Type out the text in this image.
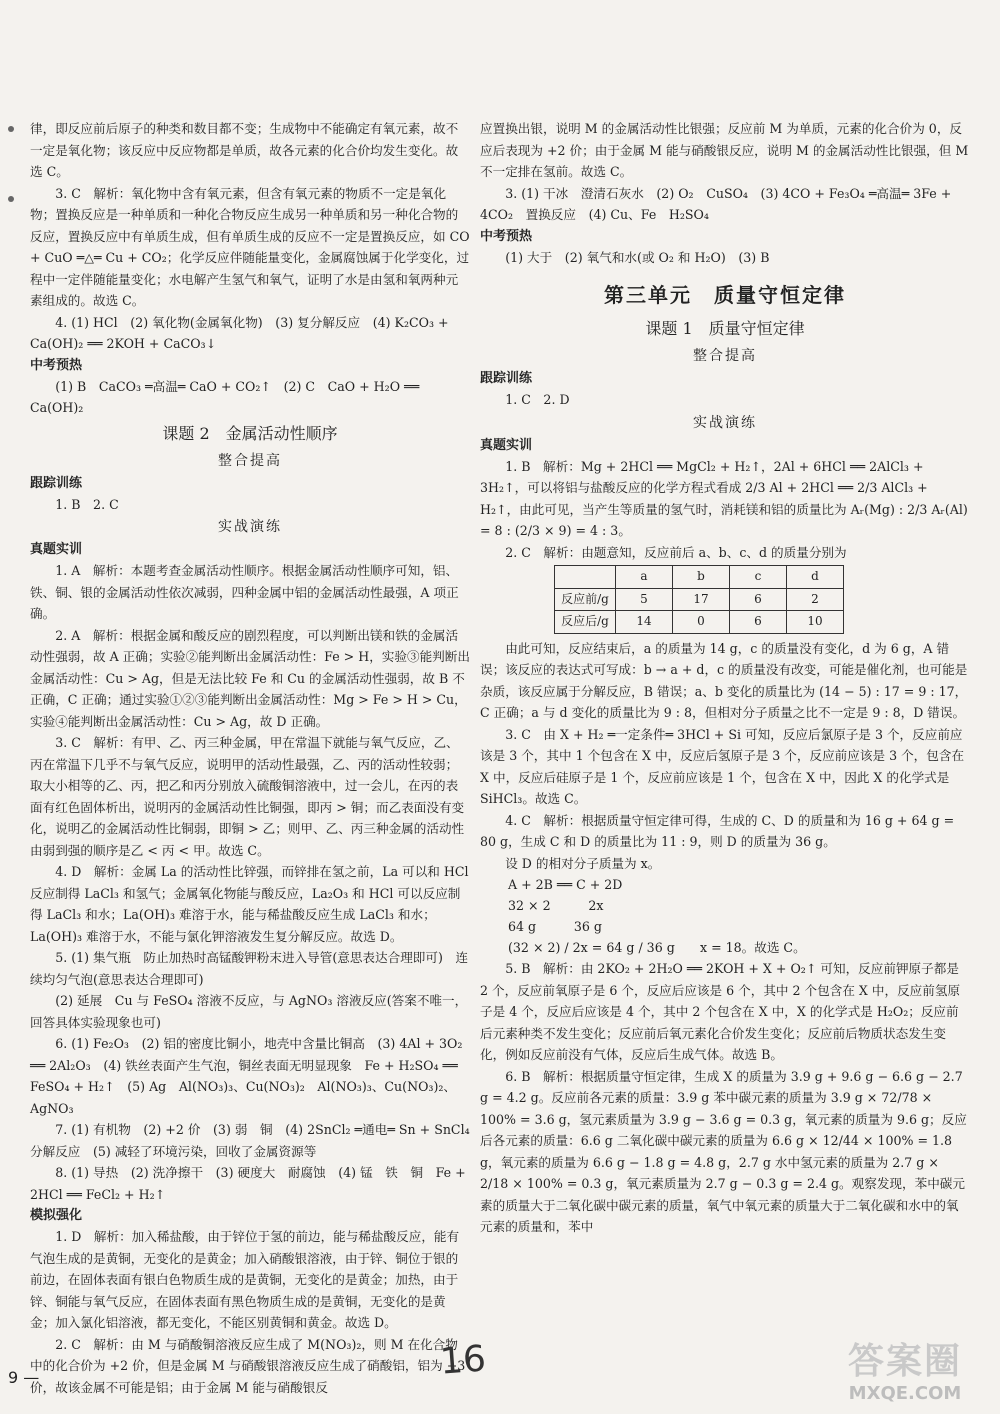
律，即反应前后原子的种类和数目都不变；生成物中不能确定有氧元素，故不一定是氧化物；该反应中反应物都是单质，故各元素的化合价均发生变化。故选 C。

3. C　解析：氧化物中含有氧元素，但含有氧元素的物质不一定是氧化物；置换反应是一种单质和一种化合物反应生成另一种单质和另一种化合物的反应，置换反应中有单质生成，但有单质生成的反应不一定是置换反应，如 CO + CuO ═△═ Cu + CO₂；化学反应伴随能量变化，金属腐蚀属于化学变化，过程中一定伴随能量变化；水电解产生氢气和氧气，证明了水是由氢和氧两种元素组成的。故选 C。

4. (1) HCl　(2) 氧化物(金属氧化物)　(3) 复分解反应　(4) K₂CO₃ + Ca(OH)₂ ══ 2KOH + CaCO₃↓

中考预热

(1) B　CaCO₃ ═高温═ CaO + CO₂↑　(2) C　CaO + H₂O ══ Ca(OH)₂

课题 2　金属活动性顺序

整合提高

跟踪训练

1. B　2. C

实战演练

真题实训

1. A　解析：本题考查金属活动性顺序。根据金属活动性顺序可知，铝、铁、铜、银的金属活动性依次减弱，四种金属中铝的金属活动性最强，A 项正确。

2. A　解析：根据金属和酸反应的剧烈程度，可以判断出镁和铁的金属活动性强弱，故 A 正确；实验②能判断出金属活动性：Fe > H，实验③能判断出金属活动性：Cu > Ag，但是无法比较 Fe 和 Cu 的金属活动性强弱，故 B 不正确，C 正确；通过实验①②③能判断出金属活动性：Mg > Fe > H > Cu，实验④能判断出金属活动性：Cu > Ag，故 D 正确。

3. C　解析：有甲、乙、丙三种金属，甲在常温下就能与氧气反应，乙、丙在常温下几乎不与氧气反应，说明甲的活动性最强，乙、丙的活动性较弱；取大小相等的乙、丙，把乙和丙分别放入硫酸铜溶液中，过一会儿，在丙的表面有红色固体析出，说明丙的金属活动性比铜强，即丙 > 铜；而乙表面没有变化，说明乙的金属活动性比铜弱，即铜 > 乙；则甲、乙、丙三种金属的活动性由弱到强的顺序是乙 < 丙 < 甲。故选 C。

4. D　解析：金属 La 的活动性比锌强，而锌排在氢之前，La 可以和 HCl 反应制得 LaCl₃ 和氢气；金属氧化物能与酸反应，La₂O₃ 和 HCl 可以反应制得 LaCl₃ 和水；La(OH)₃ 难溶于水，能与稀盐酸反应生成 LaCl₃ 和水；La(OH)₃ 难溶于水，不能与氯化钾溶液发生复分解反应。故选 D。

5. (1) 集气瓶　防止加热时高锰酸钾粉末进入导管(意思表达合理即可)　连续均匀气泡(意思表达合理即可)

(2) 延展　Cu 与 FeSO₄ 溶液不反应，与 AgNO₃ 溶液反应(答案不唯一，回答具体实验现象也可)

6. (1) Fe₂O₃　(2) 铝的密度比铜小，地壳中含量比铜高　(3) 4Al + 3O₂ ══ 2Al₂O₃　(4) 铁丝表面产生气泡，铜丝表面无明显现象　Fe + H₂SO₄ ══ FeSO₄ + H₂↑　(5) Ag　Al(NO₃)₃、Cu(NO₃)₂　Al(NO₃)₃、Cu(NO₃)₂、AgNO₃

7. (1) 有机物　(2) +2 价　(3) 弱　铜　(4) 2SnCl₂ ═通电═ Sn + SnCl₄　分解反应　(5) 减轻了环境污染，回收了金属资源等

8. (1) 导热　(2) 洗净擦干　(3) 硬度大　耐腐蚀　(4) 锰　铁　铜　Fe + 2HCl ══ FeCl₂ + H₂↑

模拟强化

1. D　解析：加入稀盐酸，由于锌位于氢的前边，能与稀盐酸反应，能有气泡生成的是黄铜，无变化的是黄金；加入硝酸银溶液，由于锌、铜位于银的前边，在固体表面有银白色物质生成的是黄铜，无变化的是黄金；加热，由于锌、铜能与氧气反应，在固体表面有黑色物质生成的是黄铜，无变化的是黄金；加入氯化铝溶液，都无变化，不能区别黄铜和黄金。故选 D。

2. C　解析：由 M 与硝酸铜溶液反应生成了 M(NO₃)₂，则 M 在化合物中的化合价为 +2 价，但是金属 M 与硝酸银溶液反应生成了硝酸铝，铝为 +3 价，故该金属不可能是铝；由于金属 M 能与硝酸银反

应置换出银，说明 M 的金属活动性比银强；反应前 M 为单质，元素的化合价为 0，反应后表现为 +2 价；由于金属 M 能与硝酸银反应，说明 M 的金属活动性比银强，但 M 不一定排在氢前。故选 C。

3. (1) 干冰　澄清石灰水　(2) O₂　CuSO₄　(3) 4CO + Fe₃O₄ ═高温═ 3Fe + 4CO₂　置换反应　(4) Cu、Fe　H₂SO₄

中考预热

(1) 大于　(2) 氧气和水(或 O₂ 和 H₂O)　(3) B

第三单元　质量守恒定律

课题 1　质量守恒定律

整合提高

跟踪训练

1. C　2. D

实战演练

真题实训

1. B　解析：Mg + 2HCl ══ MgCl₂ + H₂↑，2Al + 6HCl ══ 2AlCl₃ + 3H₂↑，可以将铝与盐酸反应的化学方程式看成 2/3 Al + 2HCl ══ 2/3 AlCl₃ + H₂↑，由此可见，当产生等质量的氢气时，消耗镁和铝的质量比为 Aᵣ(Mg) : 2/3 Aᵣ(Al) = 8 : (2/3 × 9) = 4 : 3。

2. C　解析：由题意知，反应前后 a、b、c、d 的质量分别为

	a	b	c	d
反应前/g	5	17	6	2
反应后/g	14	0	6	10

由此可知，反应结束后，a 的质量为 14 g，c 的质量没有变化，d 为 6 g，A 错误；该反应的表达式可写成：b → a + d，c 的质量没有改变，可能是催化剂，也可能是杂质，该反应属于分解反应，B 错误；a、b 变化的质量比为 (14 − 5) : 17 = 9 : 17，C 正确；a 与 d 变化的质量比为 9 : 8，但相对分子质量之比不一定是 9 : 8，D 错误。

3. C　由 X + H₂ ═一定条件═ 3HCl + Si 可知，反应后氯原子是 3 个，反应前应该是 3 个，其中 1 个包含在 X 中，反应后氢原子是 3 个，反应前应该是 3 个，包含在 X 中，反应后硅原子是 1 个，反应前应该是 1 个，包含在 X 中，因此 X 的化学式是 SiHCl₃。故选 C。

4. C　解析：根据质量守恒定律可得，生成的 C、D 的质量和为 16 g + 64 g = 80 g，生成 C 和 D 的质量比为 11 : 9，则 D 的质量为 36 g。

设 D 的相对分子质量为 x。

A + 2B ══ C + 2D

32 × 2　　　2x

64 g　　　36 g

(32 × 2) / 2x = 64 g / 36 g　　x = 18。故选 C。

5. B　解析：由 2KO₂ + 2H₂O ══ 2KOH + X + O₂↑ 可知，反应前钾原子都是 2 个，反应前氧原子是 6 个，反应后应该是 6 个，其中 2 个包含在 X 中，反应前氢原子是 4 个，反应后应该是 4 个，其中 2 个包含在 X 中，X 的化学式是 H₂O₂；反应前后元素种类不发生变化；反应前后氧元素化合价发生变化；反应前后物质状态发生变化，例如反应前没有气体，反应后生成气体。故选 B。

6. B　解析：根据质量守恒定律，生成 X 的质量为 3.9 g + 9.6 g − 6.6 g − 2.7 g = 4.2 g。反应前各元素的质量：3.9 g 苯中碳元素的质量为 3.9 g × 72/78 × 100% = 3.6 g，氢元素质量为 3.9 g − 3.6 g = 0.3 g，氧元素的质量为 9.6 g；反应后各元素的质量：6.6 g 二氧化碳中碳元素的质量为 6.6 g × 12/44 × 100% = 1.8 g，氧元素的质量为 6.6 g − 1.8 g = 4.8 g，2.7 g 水中氢元素的质量为 2.7 g × 2/18 × 100% = 0.3 g，氧元素质量为 2.7 g − 0.3 g = 2.4 g。观察发现，苯中碳元素的质量大于二氧化碳中碳元素的质量，氧气中氧元素的质量大于二氧化碳和水中的氧元素的质量和，苯中

9 —	16	答案圈
MXQE.COM
